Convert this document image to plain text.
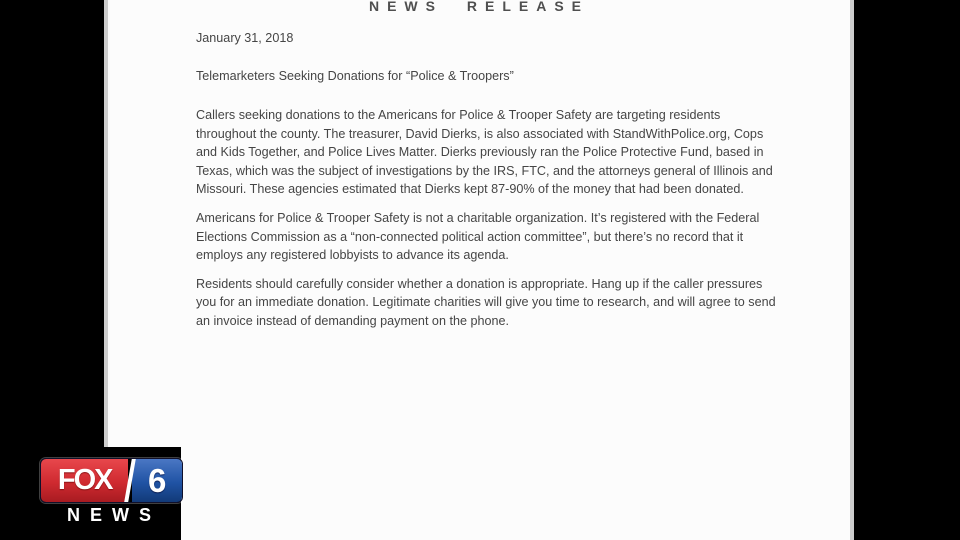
NEWS RELEASE
January 31, 2018
Telemarketers Seeking Donations for “Police & Troopers”
Callers seeking donations to the Americans for Police & Trooper Safety are targeting residents throughout the county. The treasurer, David Dierks, is also associated with StandWithPolice.org, Cops and Kids Together, and Police Lives Matter. Dierks previously ran the Police Protective Fund, based in Texas, which was the subject of investigations by the IRS, FTC, and the attorneys general of Illinois and Missouri. These agencies estimated that Dierks kept 87-90% of the money that had been donated.
Americans for Police & Trooper Safety is not a charitable organization. It’s registered with the Federal Elections Commission as a “non-connected political action committee”, but there’s no record that it employs any registered lobbyists to advance its agenda.
Residents should carefully consider whether a donation is appropriate. Hang up if the caller pressures you for an immediate donation. Legitimate charities will give you time to research, and will agree to send an invoice instead of demanding payment on the phone.
FOX	6
NEWS
